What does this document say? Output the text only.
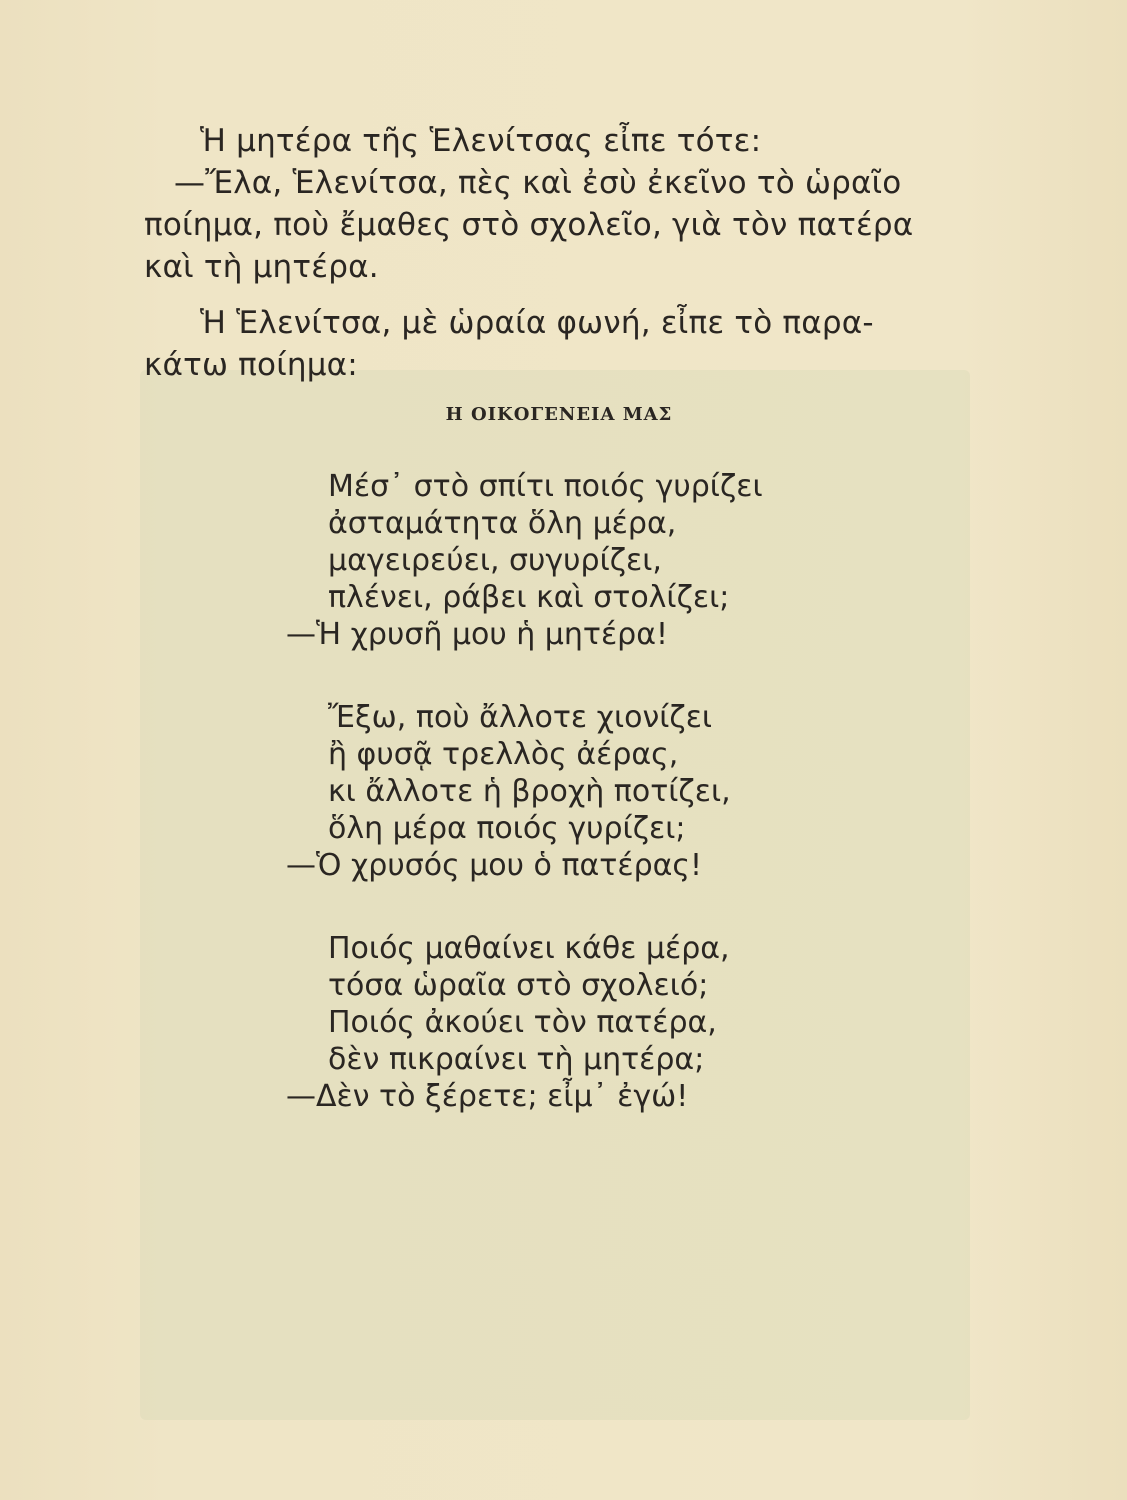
Ἡ μητέρα τῆς Ἑλενίτσας εἶπε τότε:

—Ἔλα, Ἑλενίτσα, πὲς καὶ ἐσὺ ἐκεῖνο τὸ ὡραῖο
ποίημα, ποὺ ἔμαθες στὸ σχολεῖο, γιὰ τὸν πατέρα
καὶ τὴ μητέρα.

Ἡ Ἑλενίτσα, μὲ ὡραία φωνή, εἶπε τὸ παρα-
κάτω ποίημα:

Η ΟΙΚΟΓΕΝΕΙΑ ΜΑΣ
Μέσ᾽ στὸ σπίτι ποιός γυρίζει
ἀσταμάτητα ὅλη μέρα,
μαγειρεύει, συγυρίζει,
πλένει, ράβει καὶ στολίζει;
—Ἡ χρυσῆ μου ἡ μητέρα!
Ἔξω, ποὺ ἄλλοτε χιονίζει
ἢ φυσᾷ τρελλὸς ἀέρας,
κι ἄλλοτε ἡ βροχὴ ποτίζει,
ὅλη μέρα ποιός γυρίζει;
—Ὁ χρυσός μου ὁ πατέρας!
Ποιός μαθαίνει κάθε μέρα,
τόσα ὡραῖα στὸ σχολειό;
Ποιός ἀκούει τὸν πατέρα,
δὲν πικραίνει τὴ μητέρα;
—Δὲν τὸ ξέρετε; εἶμ᾽ ἐγώ!
